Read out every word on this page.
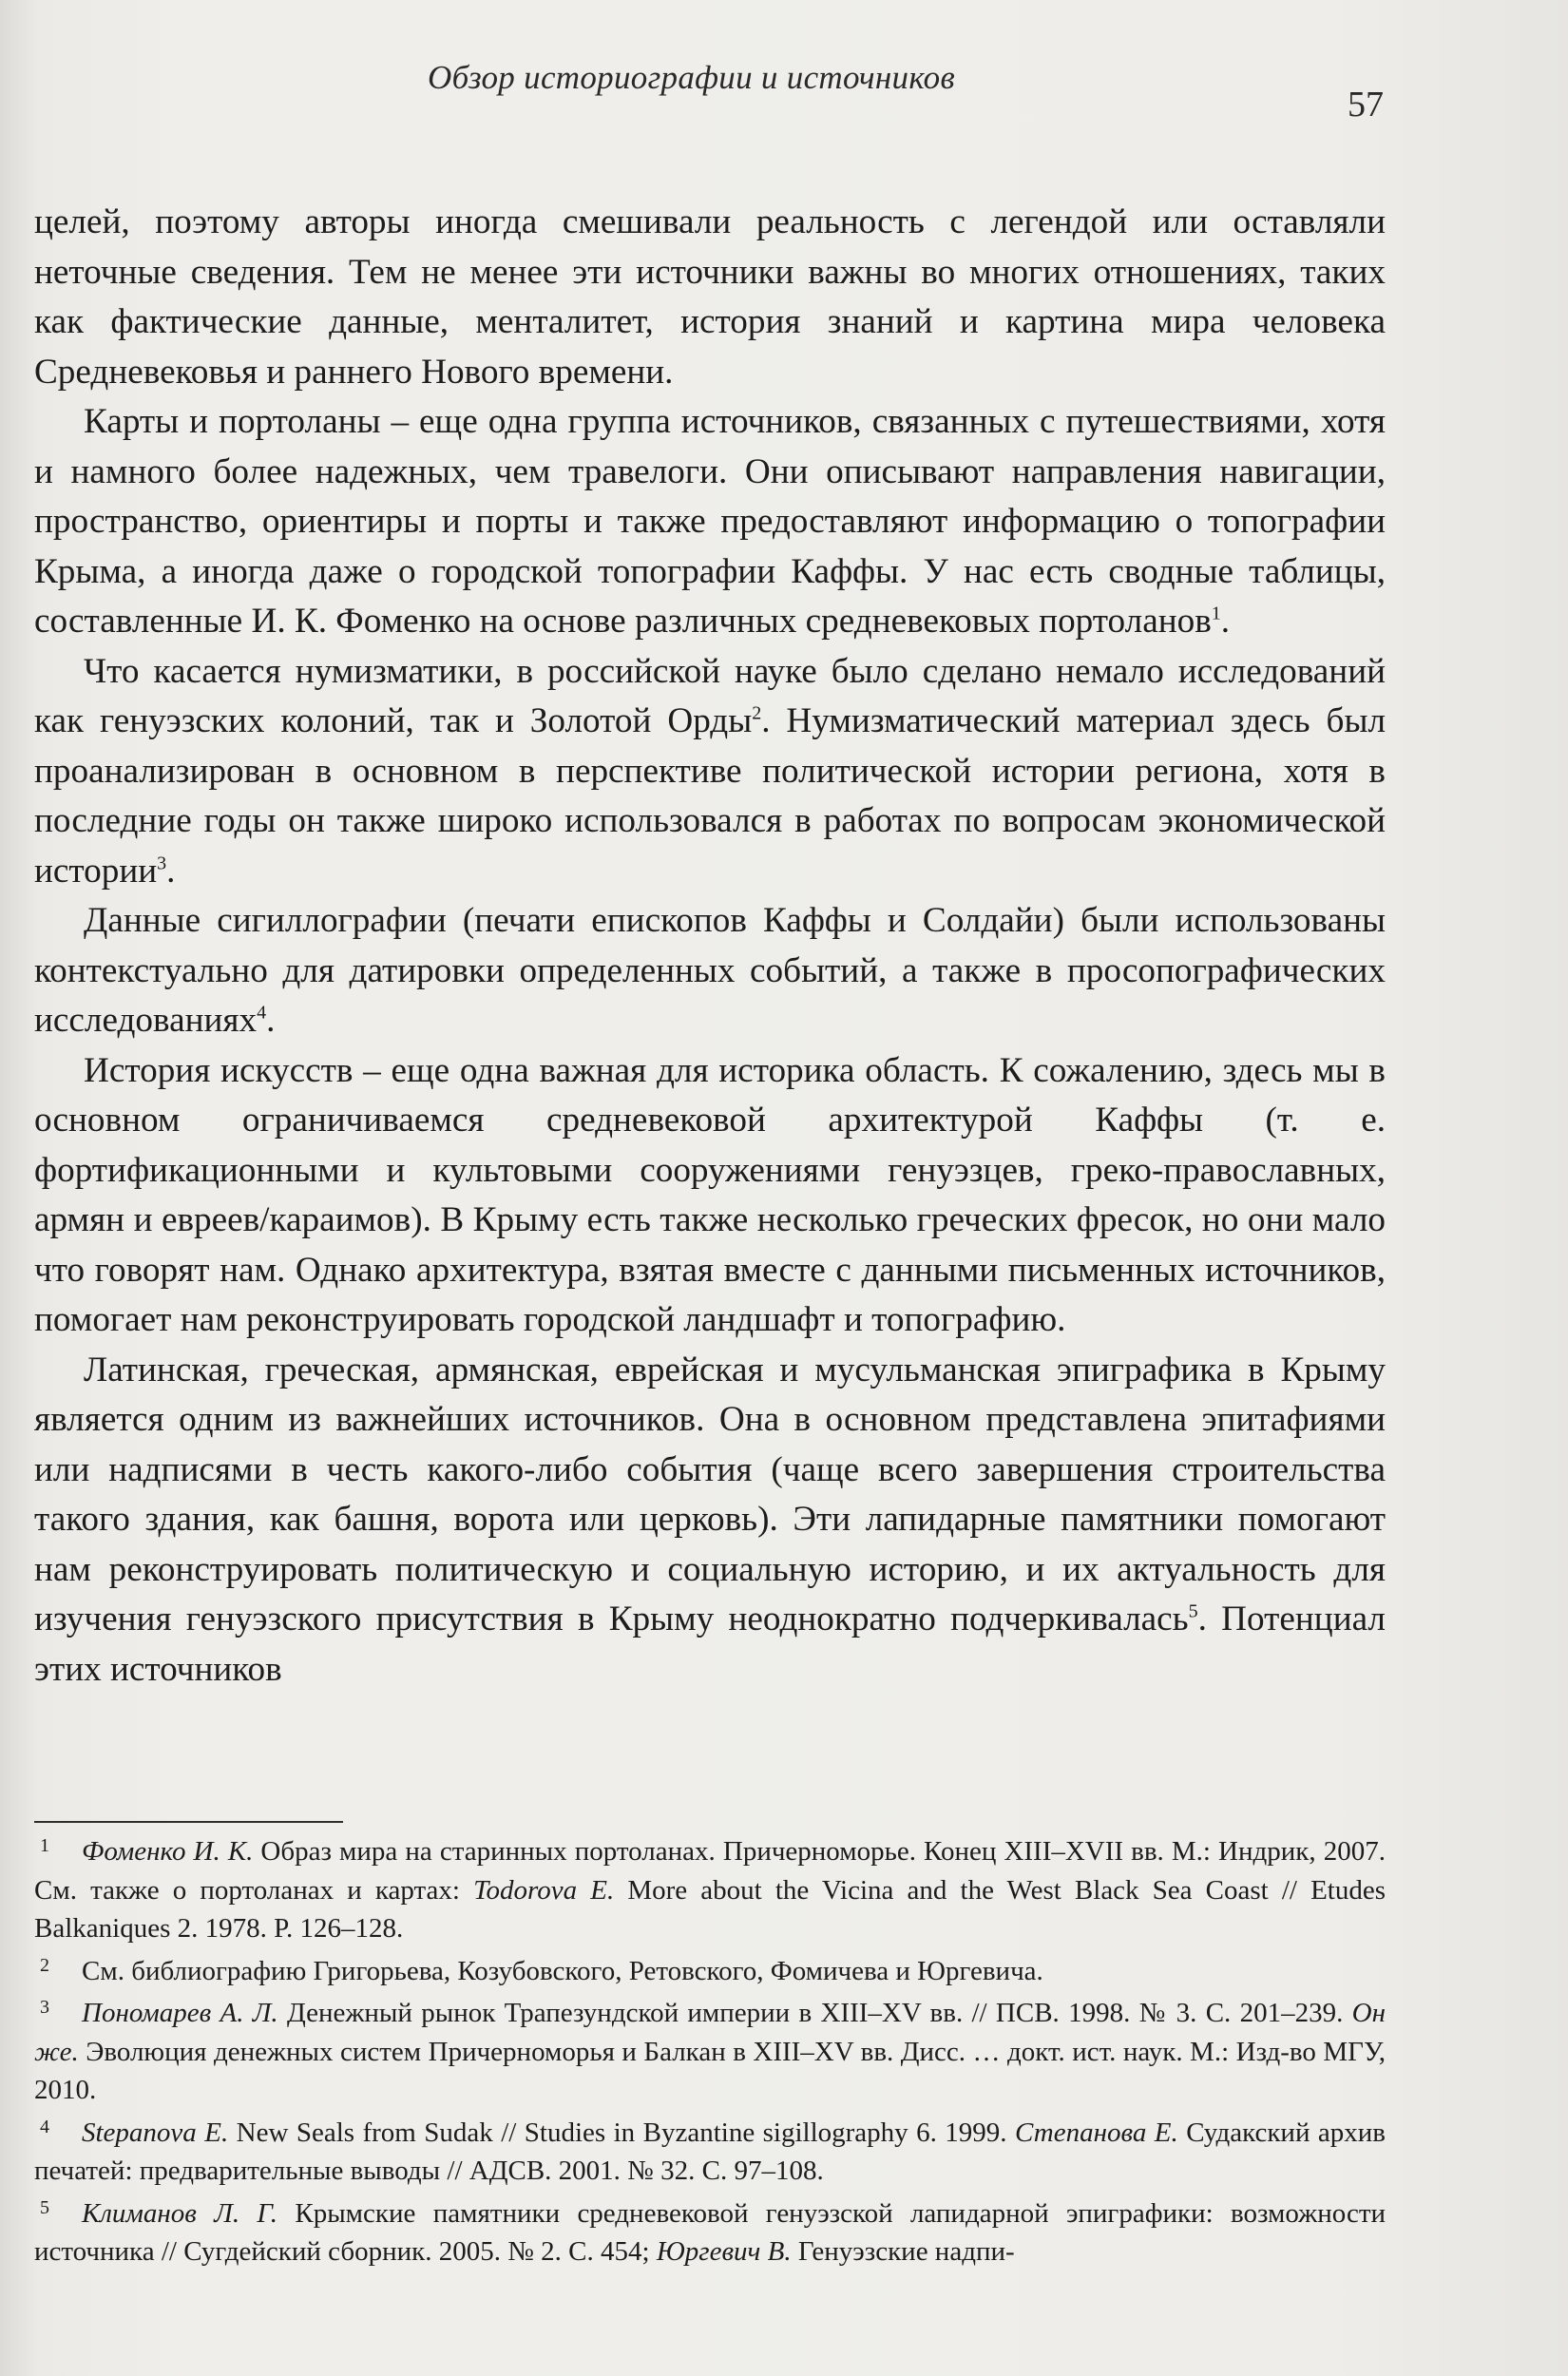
Обзор историографии и источников
57

целей, поэтому авторы иногда смешивали реальность с легендой или оставляли неточные сведения. Тем не менее эти источники важны во многих отношениях, таких как фактические данные, менталитет, история знаний и картина мира человека Средневековья и раннего Нового времени.

Карты и портоланы – еще одна группа источников, связанных с путешествиями, хотя и намного более надежных, чем травелоги. Они описывают направления навигации, пространство, ориентиры и порты и также предоставляют информацию о топографии Крыма, а иногда даже о городской топографии Каффы. У нас есть сводные таблицы, составленные И. К. Фоменко на основе различных средневековых портоланов$^1$.

Что касается нумизматики, в российской науке было сделано немало исследований как генуэзских колоний, так и Золотой Орды$^2$. Нумизматический материал здесь был проанализирован в основном в перспективе политической истории региона, хотя в последние годы он также широко использовался в работах по вопросам экономической истории$^3$.

Данные сигиллографии (печати епископов Каффы и Солдайи) были использованы контекстуально для датировки определенных событий, а также в просопографических исследованиях$^4$.

История искусств – еще одна важная для историка область. К сожалению, здесь мы в основном ограничиваемся средневековой архитектурой Каффы (т. е. фортификационными и культовыми сооружениями генуэзцев, греко-православных, армян и евреев/караимов). В Крыму есть также несколько греческих фресок, но они мало что говорят нам. Однако архитектура, взятая вместе с данными письменных источников, помогает нам реконструировать городской ландшафт и топографию.

Латинская, греческая, армянская, еврейская и мусульманская эпиграфика в Крыму является одним из важнейших источников. Она в основном представлена эпитафиями или надписями в честь какого-либо события (чаще всего завершения строительства такого здания, как башня, ворота или церковь). Эти лапидарные памятники помогают нам реконструировать политическую и социальную историю, и их актуальность для изучения генуэзского присутствия в Крыму неоднократно подчеркивалась$^5$. Потенциал этих источников

1 Фоменко И. К. Образ мира на старинных портоланах. Причерноморье. Конец XIII–XVII вв. М.: Индрик, 2007. См. также о портоланах и картах: Todorova E. More about the Vicina and the West Black Sea Coast // Etudes Balkaniques 2. 1978. P. 126–128.

2 См. библиографию Григорьева, Козубовского, Ретовского, Фомичева и Юргевича.

3 Пономарев А. Л. Денежный рынок Трапезундской империи в XIII–XV вв. // ПСВ. 1998. № 3. С. 201–239. Он же. Эволюция денежных систем Причерноморья и Балкан в XIII–XV вв. Дисс. … докт. ист. наук. М.: Изд-во МГУ, 2010.

4 Stepanova E. New Seals from Sudak // Studies in Byzantine sigillography 6. 1999. Степанова Е. Судакский архив печатей: предварительные выводы // АДСВ. 2001. № 32. С. 97–108.

5 Климанов Л. Г. Крымские памятники средневековой генуэзской лапидарной эпиграфики: возможности источника // Сугдейский сборник. 2005. № 2. С. 454; Юргевич В. Генуэзские надпи-
